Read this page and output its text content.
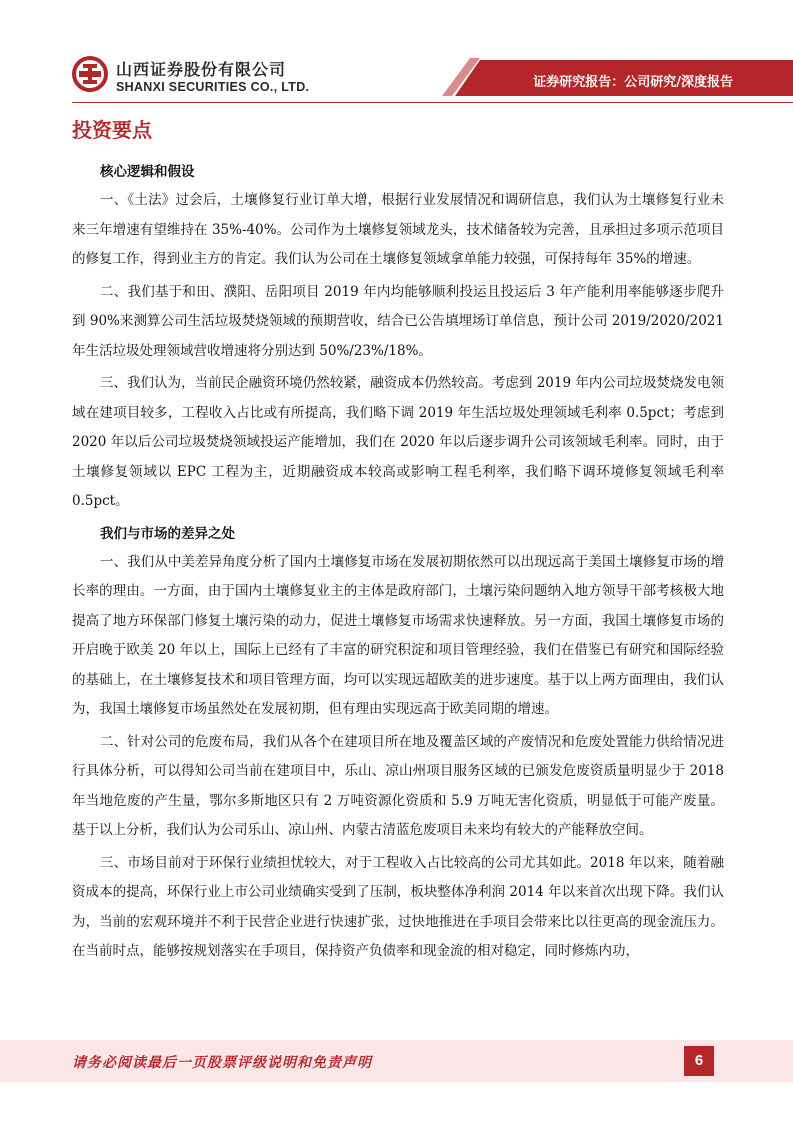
山西证券股份有限公司
SHANXI SECURITIES CO., LTD.	证券研究报告：公司研究/深度报告
投资要点

核心逻辑和假设

一、《土法》过会后，土壤修复行业订单大增，根据行业发展情况和调研信息，我们认为土壤修复行业未来三年增速有望维持在 35%-40%。公司作为土壤修复领域龙头，技术储备较为完善，且承担过多项示范项目的修复工作，得到业主方的肯定。我们认为公司在土壤修复领域拿单能力较强，可保持每年 35%的增速。

二、我们基于和田、濮阳、岳阳项目 2019 年内均能够顺利投运且投运后 3 年产能利用率能够逐步爬升到 90%来测算公司生活垃圾焚烧领域的预期营收，结合已公告填埋场订单信息，预计公司 2019/2020/2021 年生活垃圾处理领域营收增速将分别达到 50%/23%/18%。

三、我们认为，当前民企融资环境仍然较紧，融资成本仍然较高。考虑到 2019 年内公司垃圾焚烧发电领域在建项目较多，工程收入占比或有所提高，我们略下调 2019 年生活垃圾处理领域毛利率 0.5pct；考虑到 2020 年以后公司垃圾焚烧领域投运产能增加，我们在 2020 年以后逐步调升公司该领域毛利率。同时，由于土壤修复领域以 EPC 工程为主，近期融资成本较高或影响工程毛利率，我们略下调环境修复领域毛利率 0.5pct。

我们与市场的差异之处

一、我们从中美差异角度分析了国内土壤修复市场在发展初期依然可以出现远高于美国土壤修复市场的增长率的理由。一方面，由于国内土壤修复业主的主体是政府部门，土壤污染问题纳入地方领导干部考核极大地提高了地方环保部门修复土壤污染的动力，促进土壤修复市场需求快速释放。另一方面，我国土壤修复市场的开启晚于欧美 20 年以上，国际上已经有了丰富的研究积淀和项目管理经验，我们在借鉴已有研究和国际经验的基础上，在土壤修复技术和项目管理方面，均可以实现远超欧美的进步速度。基于以上两方面理由，我们认为，我国土壤修复市场虽然处在发展初期，但有理由实现远高于欧美同期的增速。

二、针对公司的危废布局，我们从各个在建项目所在地及覆盖区域的产废情况和危废处置能力供给情况进行具体分析，可以得知公司当前在建项目中，乐山、凉山州项目服务区域的已颁发危废资质量明显少于 2018 年当地危废的产生量，鄂尔多斯地区只有 2 万吨资源化资质和 5.9 万吨无害化资质，明显低于可能产废量。基于以上分析，我们认为公司乐山、凉山州、内蒙古清蓝危废项目未来均有较大的产能释放空间。

三、市场目前对于环保行业绩担忧较大，对于工程收入占比较高的公司尤其如此。2018 年以来，随着融资成本的提高，环保行业上市公司业绩确实受到了压制，板块整体净利润 2014 年以来首次出现下降。我们认为，当前的宏观环境并不利于民营企业进行快速扩张，过快地推进在手项目会带来比以往更高的现金流压力。在当前时点，能够按规划落实在手项目，保持资产负债率和现金流的相对稳定，同时修炼内功，

请务必阅读最后一页股票评级说明和免责声明	6
